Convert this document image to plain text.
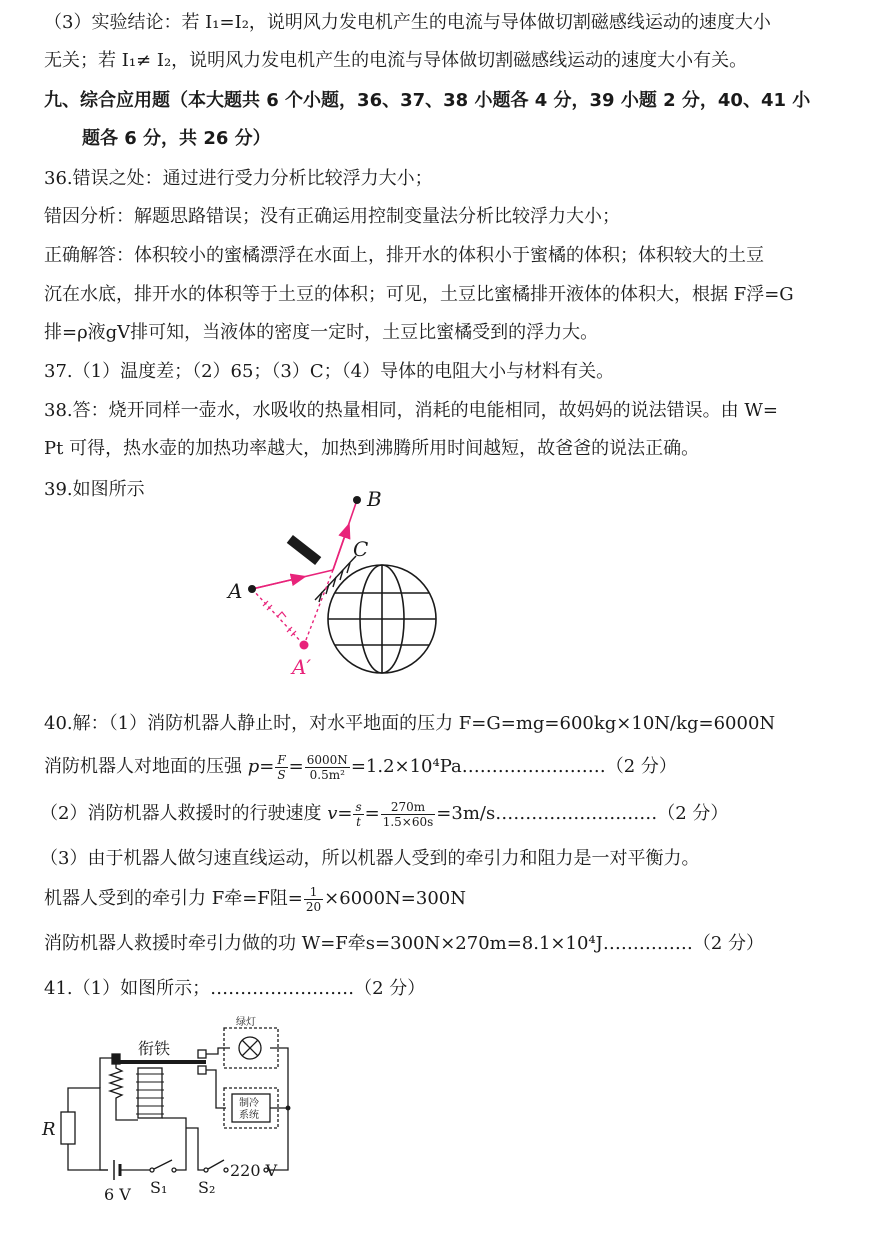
（3）实验结论：若 I₁=I₂，说明风力发电机产生的电流与导体做切割磁感线运动的速度大小
无关；若 I₁≠ I₂，说明风力发电机产生的电流与导体做切割磁感线运动的速度大小有关。
九、综合应用题（本大题共 6 个小题，36、37、38 小题各 4 分，39 小题 2 分，40、41 小
题各 6 分，共 26 分）
36.错误之处：通过进行受力分析比较浮力大小；
错因分析：解题思路错误；没有正确运用控制变量法分析比较浮力大小；
正确解答：体积较小的蜜橘漂浮在水面上，排开水的体积小于蜜橘的体积；体积较大的土豆
沉在水底，排开水的体积等于土豆的体积；可见，土豆比蜜橘排开液体的体积大，根据 F浮=G
排=ρ液gV排可知，当液体的密度一定时，土豆比蜜橘受到的浮力大。
37.（1）温度差；（2）65；（3）C；（4）导体的电阻大小与材料有关。
38.答：烧开同样一壶水，水吸收的热量相同，消耗的电能相同，故妈妈的说法错误。由 W=
Pt 可得，热水壶的加热功率越大，加热到沸腾所用时间越短，故爸爸的说法正确。
39.如图所示
A
B
C
A′
40.解：（1）消防机器人静止时，对水平地面的压力 F=G=mg=600kg×10N/kg=6000N
消防机器人对地面的压强 $p= \frac{F}{S} = \frac{6000N}{\text{0.5m²}}$ =1.2×10⁴Pa……………………（2 分）
（2）消防机器人救援时的行驶速度 $v= \frac{s}{t} = \frac{270m}{1.5\times 60s}$ =3m/s………………………（2 分）
（3）由于机器人做匀速直线运动，所以机器人受到的牵引力和阻力是一对平衡力。
机器人受到的牵引力 F牵=F阻= $\frac{1}{20} \times 6000N=300N$
消防机器人救援时牵引力做的功 W=F牵s=300N×270m=8.1×10⁴J……………（2 分）
41.（1）如图所示；……………………（2 分）
衔铁
绿灯
制冷
系统
R
6 V S₁ S₂
220 V
